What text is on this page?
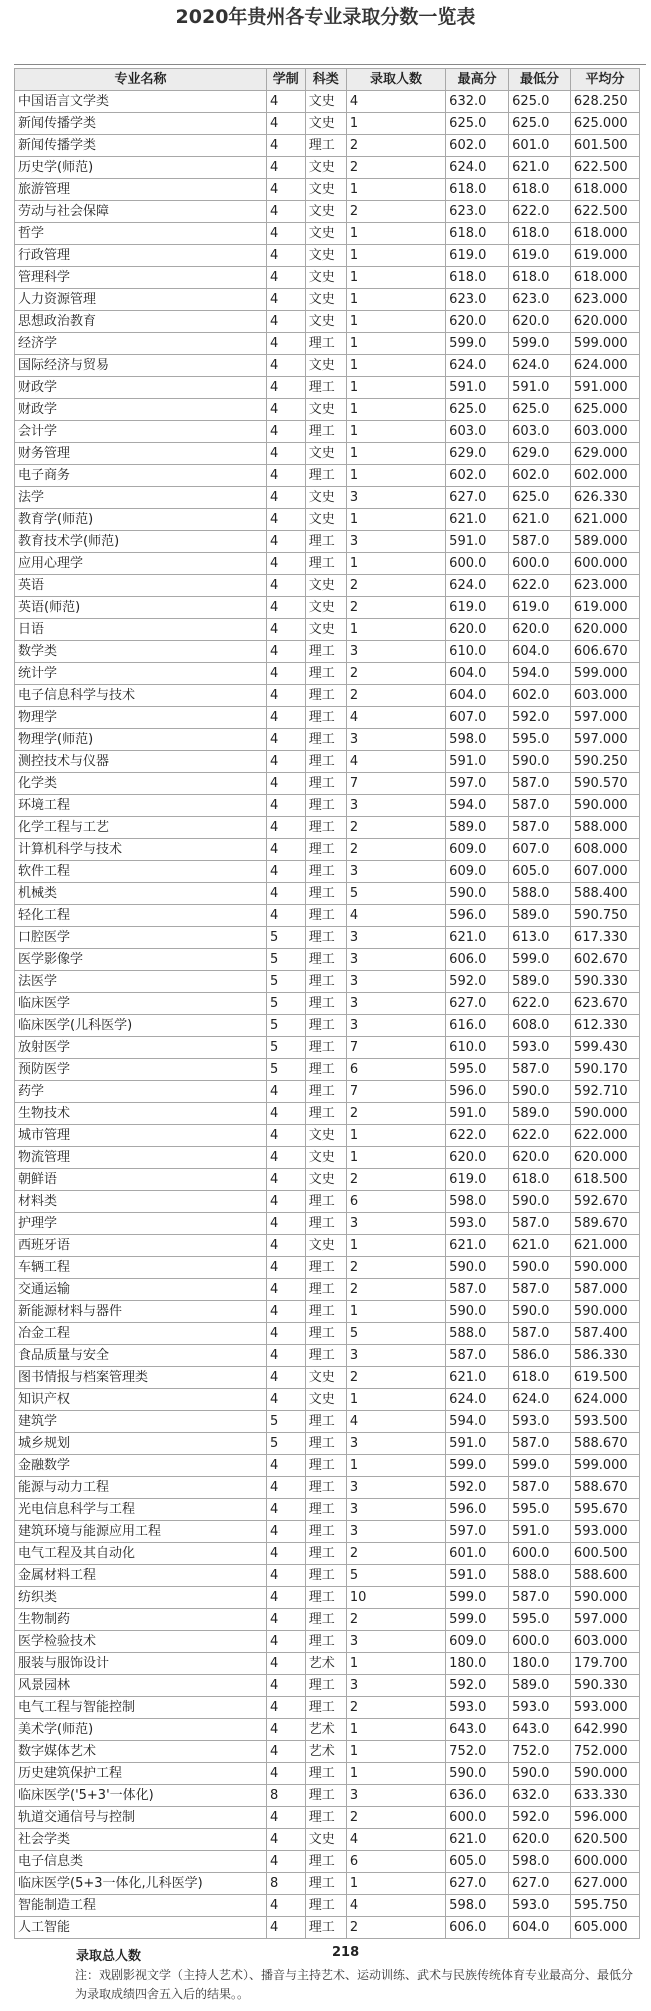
2020年贵州各专业录取分数一览表
专业名称	学制	科类	录取人数	最高分	最低分	平均分
中国语言文学类	4	文史	4	632.0	625.0	628.250
新闻传播学类	4	文史	1	625.0	625.0	625.000
新闻传播学类	4	理工	2	602.0	601.0	601.500
历史学(师范)	4	文史	2	624.0	621.0	622.500
旅游管理	4	文史	1	618.0	618.0	618.000
劳动与社会保障	4	文史	2	623.0	622.0	622.500
哲学	4	文史	1	618.0	618.0	618.000
行政管理	4	文史	1	619.0	619.0	619.000
管理科学	4	文史	1	618.0	618.0	618.000
人力资源管理	4	文史	1	623.0	623.0	623.000
思想政治教育	4	文史	1	620.0	620.0	620.000
经济学	4	理工	1	599.0	599.0	599.000
国际经济与贸易	4	文史	1	624.0	624.0	624.000
财政学	4	理工	1	591.0	591.0	591.000
财政学	4	文史	1	625.0	625.0	625.000
会计学	4	理工	1	603.0	603.0	603.000
财务管理	4	文史	1	629.0	629.0	629.000
电子商务	4	理工	1	602.0	602.0	602.000
法学	4	文史	3	627.0	625.0	626.330
教育学(师范)	4	文史	1	621.0	621.0	621.000
教育技术学(师范)	4	理工	3	591.0	587.0	589.000
应用心理学	4	理工	1	600.0	600.0	600.000
英语	4	文史	2	624.0	622.0	623.000
英语(师范)	4	文史	2	619.0	619.0	619.000
日语	4	文史	1	620.0	620.0	620.000
数学类	4	理工	3	610.0	604.0	606.670
统计学	4	理工	2	604.0	594.0	599.000
电子信息科学与技术	4	理工	2	604.0	602.0	603.000
物理学	4	理工	4	607.0	592.0	597.000
物理学(师范)	4	理工	3	598.0	595.0	597.000
测控技术与仪器	4	理工	4	591.0	590.0	590.250
化学类	4	理工	7	597.0	587.0	590.570
环境工程	4	理工	3	594.0	587.0	590.000
化学工程与工艺	4	理工	2	589.0	587.0	588.000
计算机科学与技术	4	理工	2	609.0	607.0	608.000
软件工程	4	理工	3	609.0	605.0	607.000
机械类	4	理工	5	590.0	588.0	588.400
轻化工程	4	理工	4	596.0	589.0	590.750
口腔医学	5	理工	3	621.0	613.0	617.330
医学影像学	5	理工	3	606.0	599.0	602.670
法医学	5	理工	3	592.0	589.0	590.330
临床医学	5	理工	3	627.0	622.0	623.670
临床医学(儿科医学)	5	理工	3	616.0	608.0	612.330
放射医学	5	理工	7	610.0	593.0	599.430
预防医学	5	理工	6	595.0	587.0	590.170
药学	4	理工	7	596.0	590.0	592.710
生物技术	4	理工	2	591.0	589.0	590.000
城市管理	4	文史	1	622.0	622.0	622.000
物流管理	4	文史	1	620.0	620.0	620.000
朝鲜语	4	文史	2	619.0	618.0	618.500
材料类	4	理工	6	598.0	590.0	592.670
护理学	4	理工	3	593.0	587.0	589.670
西班牙语	4	文史	1	621.0	621.0	621.000
车辆工程	4	理工	2	590.0	590.0	590.000
交通运输	4	理工	2	587.0	587.0	587.000
新能源材料与器件	4	理工	1	590.0	590.0	590.000
冶金工程	4	理工	5	588.0	587.0	587.400
食品质量与安全	4	理工	3	587.0	586.0	586.330
图书情报与档案管理类	4	文史	2	621.0	618.0	619.500
知识产权	4	文史	1	624.0	624.0	624.000
建筑学	5	理工	4	594.0	593.0	593.500
城乡规划	5	理工	3	591.0	587.0	588.670
金融数学	4	理工	1	599.0	599.0	599.000
能源与动力工程	4	理工	3	592.0	587.0	588.670
光电信息科学与工程	4	理工	3	596.0	595.0	595.670
建筑环境与能源应用工程	4	理工	3	597.0	591.0	593.000
电气工程及其自动化	4	理工	2	601.0	600.0	600.500
金属材料工程	4	理工	5	591.0	588.0	588.600
纺织类	4	理工	10	599.0	587.0	590.000
生物制药	4	理工	2	599.0	595.0	597.000
医学检验技术	4	理工	3	609.0	600.0	603.000
服装与服饰设计	4	艺术	1	180.0	180.0	179.700
风景园林	4	理工	3	592.0	589.0	590.330
电气工程与智能控制	4	理工	2	593.0	593.0	593.000
美术学(师范)	4	艺术	1	643.0	643.0	642.990
数字媒体艺术	4	艺术	1	752.0	752.0	752.000
历史建筑保护工程	4	理工	1	590.0	590.0	590.000
临床医学('5+3'一体化)	8	理工	3	636.0	632.0	633.330
轨道交通信号与控制	4	理工	2	600.0	592.0	596.000
社会学类	4	文史	4	621.0	620.0	620.500
电子信息类	4	理工	6	605.0	598.0	600.000
临床医学(5+3一体化,儿科医学)	8	理工	1	627.0	627.0	627.000
智能制造工程	4	理工	4	598.0	593.0	595.750
人工智能	4	理工	2	606.0	604.0	605.000
录取总人数	218
注：戏剧影视文学（主持人艺术）、播音与主持艺术、运动训练、武术与民族传统体育专业最高分、最低分为录取成绩四舍五入后的结果。。
